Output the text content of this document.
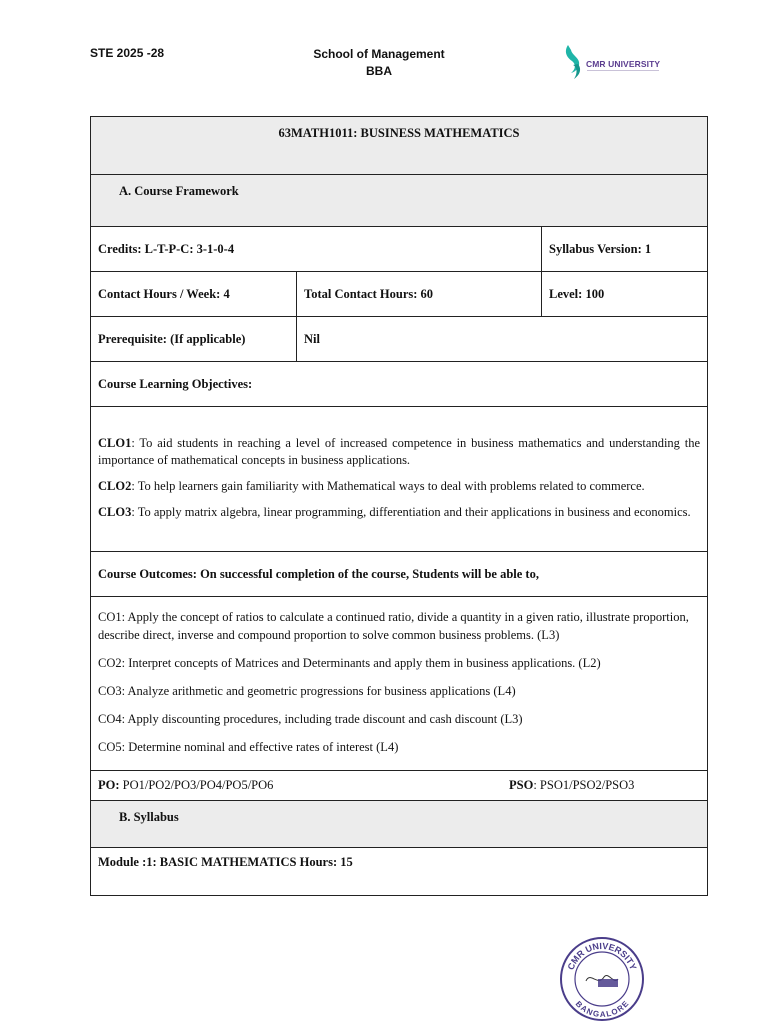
STE 2025 -28	School of Management
BBA	CMR UNIVERSITY
63MATH1011: BUSINESS MATHEMATICS		
A. Course Framework		
Credits: L-T-P-C: 3-1-0-4		Syllabus Version: 1
Contact Hours / Week: 4	Total Contact Hours: 60	Level: 100
Prerequisite: (If applicable)	Nil	
Course Learning Objectives:		

CLO1: To aid students in reaching a level of increased competence in business mathematics and understanding the importance of mathematical concepts in business applications.

CLO2: To help learners gain familiarity with Mathematical ways to deal with problems related to commerce.

CLO3: To apply matrix algebra, linear programming, differentiation and their applications in business and economics.		

Course Outcomes: On successful completion of the course, Students will be able to,		

CO1: Apply the concept of ratios to calculate a continued ratio, divide a quantity in a given ratio, illustrate proportion, describe direct, inverse and compound proportion to solve common business problems. (L3)

CO2: Interpret concepts of Matrices and Determinants and apply them in business applications. (L2)

CO3: Analyze arithmetic and geometric progressions for business applications (L4)

CO4: Apply discounting procedures, including trade discount and cash discount (L3)

CO5: Determine nominal and effective rates of interest (L4)		

PO: PO1/PO2/PO3/PO4/PO5/PO6 PSO: PSO1/PSO2/PSO3		

B. Syllabus		
Module :1: BASIC MATHEMATICS Hours: 15		
CMR UNIVERSITY
BANGALORE
